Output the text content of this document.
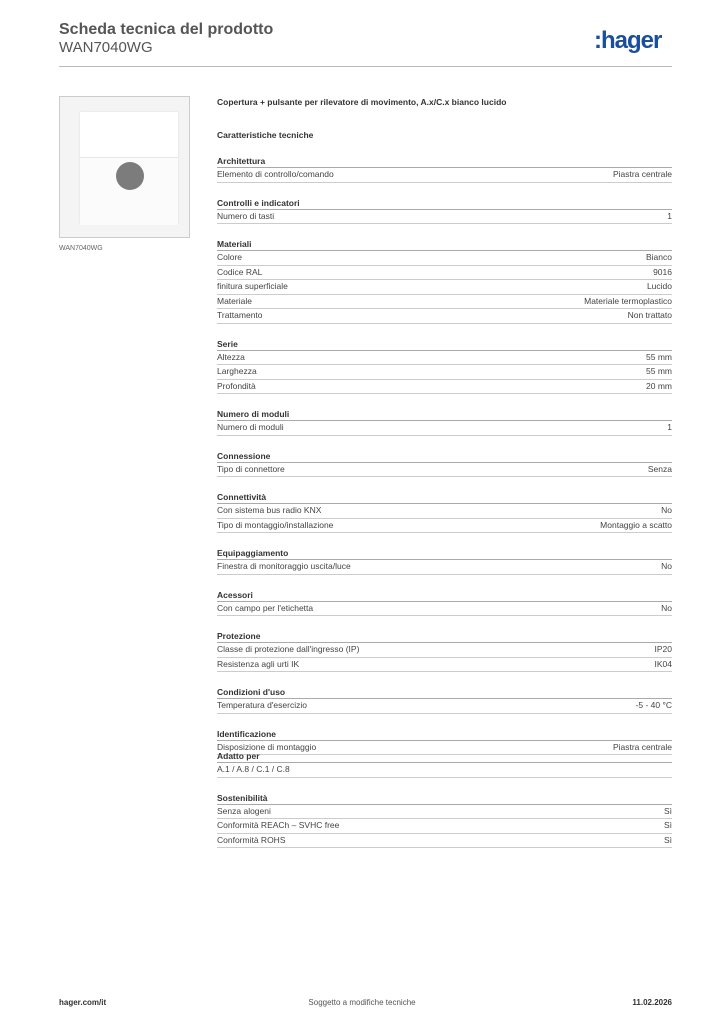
Scheda tecnica del prodotto
WAN7040WG	:hager
WAN7040WG
Copertura + pulsante per rilevatore di movimento, A.x/C.x bianco lucido
Caratteristiche tecniche
Architettura
Elemento di controllo/comando	Piastra centrale
Controlli e indicatori
Numero di tasti	1
Materiali
Colore	Bianco
Codice RAL	9016
finitura superficiale	Lucido
Materiale	Materiale termoplastico
Trattamento	Non trattato
Serie
Altezza	55 mm
Larghezza	55 mm
Profondità	20 mm
Numero di moduli
Numero di moduli	1
Connessione
Tipo di connettore	Senza
Connettività
Con sistema bus radio KNX	No
Tipo di montaggio/installazione	Montaggio a scatto
Equipaggiamento
Finestra di monitoraggio uscita/luce	No
Acessori
Con campo per l'etichetta	No
Protezione
Classe di protezione dall'ingresso (IP)	IP20
Resistenza agli urti IK	IK04
Condizioni d'uso
Temperatura d'esercizio	-5 - 40 °C
Identificazione
Disposizione di montaggio	Piastra centrale
Adatto per
A.1 / A.8 / C.1 / C.8
Sostenibilità
Senza alogeni	Sì
Conformità REACh – SVHC free	Sì
Conformità ROHS	Sì
hager.com/it	Soggetto a modifiche tecniche	11.02.2026
